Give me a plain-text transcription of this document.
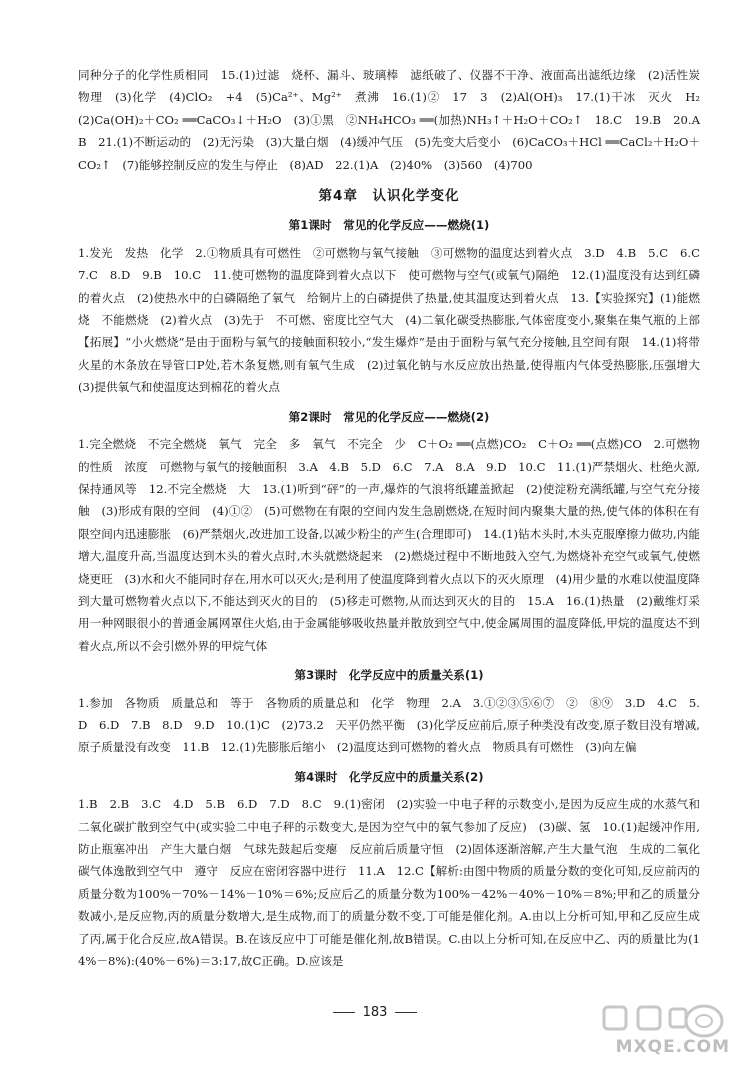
同种分子的化学性质相同　15.(1)过滤　烧杯、漏斗、玻璃棒　滤纸破了、仪器不干净、液面高出滤纸边缘　(2)活性炭　物理　(3)化学　(4)ClO₂　+4　(5)Ca²⁺、Mg²⁺　煮沸　16.(1)②　17　3　(2)Al(OH)₃　17.(1)干冰　灭火　H₂　(2)Ca(OH)₂＋CO₂ ══CaCO₃↓＋H₂O　(3)①黑　②NH₄HCO₃ ══(加热)NH₃↑＋H₂O＋CO₂↑　18.C　19.B　20.AB　21.(1)不断运动的　(2)无污染　(3)大量白烟　(4)缓冲气压　(5)先变大后变小　(6)CaCO₃＋HCl ══CaCl₂＋H₂O＋CO₂↑　(7)能够控制反应的发生与停止　(8)AD　22.(1)A　(2)40%　(3)560　(4)700

第4章　认识化学变化
第1课时　常见的化学反应——燃烧(1)

1.发光　发热　化学　2.①物质具有可燃性　②可燃物与氧气接触　③可燃物的温度达到着火点　3.D　4.B　5.C　6.C　7.C　8.D　9.B　10.C　11.使可燃物的温度降到着火点以下　使可燃物与空气(或氧气)隔绝　12.(1)温度没有达到红磷的着火点　(2)使热水中的白磷隔绝了氧气　给铜片上的白磷提供了热量,使其温度达到着火点　13.【实验探究】(1)能燃烧　不能燃烧　(2)着火点　(3)先于　不可燃、密度比空气大　(4)二氧化碳受热膨胀,气体密度变小,聚集在集气瓶的上部　【拓展】“小火燃烧”是由于面粉与氧气的接触面积较小,“发生爆炸”是由于面粉与氧气充分接触,且空间有限　14.(1)将带火星的木条放在导管口P处,若木条复燃,则有氧气生成　(2)过氧化钠与水反应放出热量,使得瓶内气体受热膨胀,压强增大　(3)提供氧气和使温度达到棉花的着火点

第2课时　常见的化学反应——燃烧(2)

1.完全燃烧　不完全燃烧　氧气　完全　多　氧气　不完全　少　C＋O₂ ══(点燃)CO₂　C＋O₂ ══(点燃)CO　2.可燃物的性质　浓度　可燃物与氧气的接触面积　3.A　4.B　5.D　6.C　7.A　8.A　9.D　10.C　11.(1)严禁烟火、杜绝火源,保持通风等　12.不完全燃烧　大　13.(1)听到“砰”的一声,爆炸的气浪将纸罐盖掀起　(2)使淀粉充满纸罐,与空气充分接触　(3)形成有限的空间　(4)①②　(5)可燃物在有限的空间内发生急剧燃烧,在短时间内聚集大量的热,使气体的体积在有限空间内迅速膨胀　(6)严禁烟火,改进加工设备,以减少粉尘的产生(合理即可)　14.(1)钻木头时,木头克服摩擦力做功,内能增大,温度升高,当温度达到木头的着火点时,木头就燃烧起来　(2)燃烧过程中不断地鼓入空气,为燃烧补充空气或氧气,使燃烧更旺　(3)水和火不能同时存在,用水可以灭火;是利用了使温度降到着火点以下的灭火原理　(4)用少量的水难以使温度降到大量可燃物着火点以下,不能达到灭火的目的　(5)移走可燃物,从而达到灭火的目的　15.A　16.(1)热量　(2)戴维灯采用一种网眼很小的普通金属网罩住火焰,由于金属能够吸收热量并散放到空气中,使金属周围的温度降低,甲烷的温度达不到着火点,所以不会引燃外界的甲烷气体

第3课时　化学反应中的质量关系(1)

1.参加　各物质　质量总和　等于　各物质的质量总和　化学　物理　2.A　3.①②③⑤⑥⑦　②　⑧⑨　3.D　4.C　5.D　6.D　7.B　8.D　9.D　10.(1)C　(2)73.2　天平仍然平衡　(3)化学反应前后,原子种类没有改变,原子数目没有增减,原子质量没有改变　11.B　12.(1)先膨胀后缩小　(2)温度达到可燃物的着火点　物质具有可燃性　(3)向左偏

第4课时　化学反应中的质量关系(2)

1.B　2.B　3.C　4.D　5.B　6.D　7.D　8.C　9.(1)密闭　(2)实验一中电子秤的示数变小,是因为反应生成的水蒸气和二氧化碳扩散到空气中(或实验二中电子秤的示数变大,是因为空气中的氧气参加了反应)　(3)碳、氢　10.(1)起缓冲作用,防止瓶塞冲出　产生大量白烟　气球先鼓起后变瘪　反应前后质量守恒　(2)固体逐渐溶解,产生大量气泡　生成的二氧化碳气体逸散到空气中　遵守　反应在密闭容器中进行　11.A　12.C【解析:由图中物质的质量分数的变化可知,反应前丙的质量分数为100%－70%－14%－10%＝6%;反应后乙的质量分数为100%－42%－40%－10%＝8%;甲和乙的质量分数减小,是反应物,丙的质量分数增大,是生成物,而丁的质量分数不变,丁可能是催化剂。A.由以上分析可知,甲和乙反应生成了丙,属于化合反应,故A错误。B.在该反应中丁可能是催化剂,故B错误。C.由以上分析可知,在反应中乙、丙的质量比为(14%－8%):(40%－6%)＝3:17,故C正确。D.应该是

183
MXQE.COM
